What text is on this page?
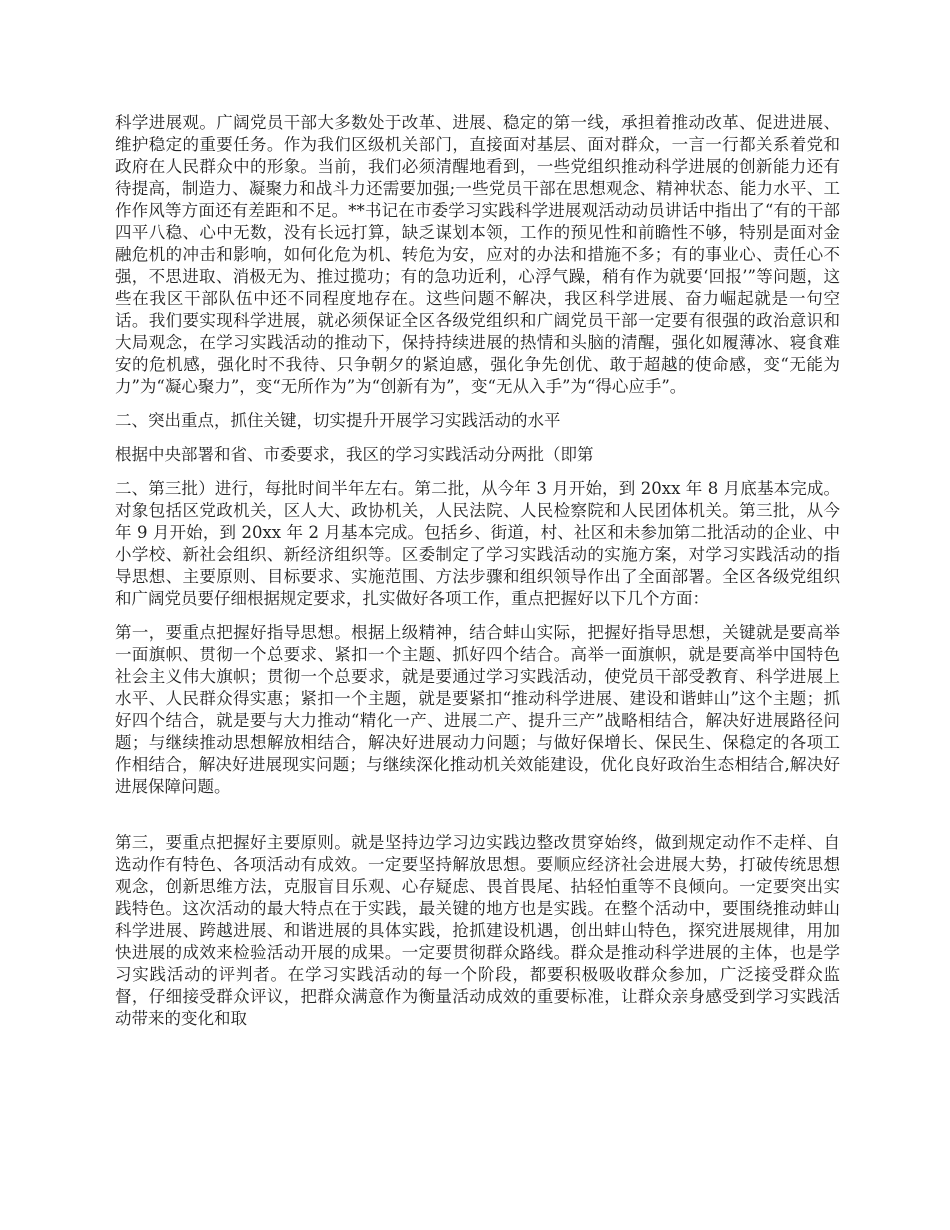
科学进展观。广阔党员干部大多数处于改革、进展、稳定的第一线，承担着推动改革、促进进展、维护稳定的重要任务。作为我们区级机关部门，直接面对基层、面对群众，一言一行都关系着党和政府在人民群众中的形象。当前，我们必须清醒地看到，一些党组织推动科学进展的创新能力还有待提高，制造力、凝聚力和战斗力还需要加强;一些党员干部在思想观念、精神状态、能力水平、工作作风等方面还有差距和不足。**书记在市委学习实践科学进展观活动动员讲话中指出了“有的干部四平八稳、心中无数，没有长远打算，缺乏谋划本领，工作的预见性和前瞻性不够，特别是面对金融危机的冲击和影响，如何化危为机、转危为安，应对的办法和措施不多；有的事业心、责任心不强，不思进取、消极无为、推过揽功；有的急功近利，心浮气躁，稍有作为就要‘回报’”等问题，这些在我区干部队伍中还不同程度地存在。这些问题不解决，我区科学进展、奋力崛起就是一句空话。我们要实现科学进展，就必须保证全区各级党组织和广阔党员干部一定要有很强的政治意识和大局观念，在学习实践活动的推动下，保持持续进展的热情和头脑的清醒，强化如履薄冰、寝食难安的危机感，强化时不我待、只争朝夕的紧迫感，强化争先创优、敢于超越的使命感，变“无能为力”为“凝心聚力”，变“无所作为”为“创新有为”，变“无从入手”为“得心应手”。

二、突出重点，抓住关键，切实提升开展学习实践活动的水平

根据中央部署和省、市委要求，我区的学习实践活动分两批（即第

二、第三批）进行，每批时间半年左右。第二批，从今年 3 月开始，到 20xx 年 8 月底基本完成。对象包括区党政机关，区人大、政协机关，人民法院、人民检察院和人民团体机关。第三批，从今年 9 月开始，到 20xx 年 2 月基本完成。包括乡、街道，村、社区和未参加第二批活动的企业、中小学校、新社会组织、新经济组织等。区委制定了学习实践活动的实施方案，对学习实践活动的指导思想、主要原则、目标要求、实施范围、方法步骤和组织领导作出了全面部署。全区各级党组织和广阔党员要仔细根据规定要求，扎实做好各项工作，重点把握好以下几个方面：

第一，要重点把握好指导思想。根据上级精神，结合蚌山实际，把握好指导思想，关键就是要高举一面旗帜、贯彻一个总要求、紧扣一个主题、抓好四个结合。高举一面旗帜，就是要高举中国特色社会主义伟大旗帜；贯彻一个总要求，就是要通过学习实践活动，使党员干部受教育、科学进展上水平、人民群众得实惠；紧扣一个主题，就是要紧扣“推动科学进展、建设和谐蚌山”这个主题；抓好四个结合，就是要与大力推动“精化一产、进展二产、提升三产”战略相结合，解决好进展路径问题；与继续推动思想解放相结合，解决好进展动力问题；与做好保增长、保民生、保稳定的各项工作相结合，解决好进展现实问题；与继续深化推动机关效能建设，优化良好政治生态相结合,解决好进展保障问题。

第三，要重点把握好主要原则。就是坚持边学习边实践边整改贯穿始终，做到规定动作不走样、自选动作有特色、各项活动有成效。一定要坚持解放思想。要顺应经济社会进展大势，打破传统思想观念，创新思维方法，克服盲目乐观、心存疑虑、畏首畏尾、拈轻怕重等不良倾向。一定要突出实践特色。这次活动的最大特点在于实践，最关键的地方也是实践。在整个活动中，要围绕推动蚌山科学进展、跨越进展、和谐进展的具体实践，抢抓建设机遇，创出蚌山特色，探究进展规律，用加快进展的成效来检验活动开展的成果。一定要贯彻群众路线。群众是推动科学进展的主体，也是学习实践活动的评判者。在学习实践活动的每一个阶段，都要积极吸收群众参加，广泛接受群众监督，仔细接受群众评议，把群众满意作为衡量活动成效的重要标准，让群众亲身感受到学习实践活动带来的变化和取
